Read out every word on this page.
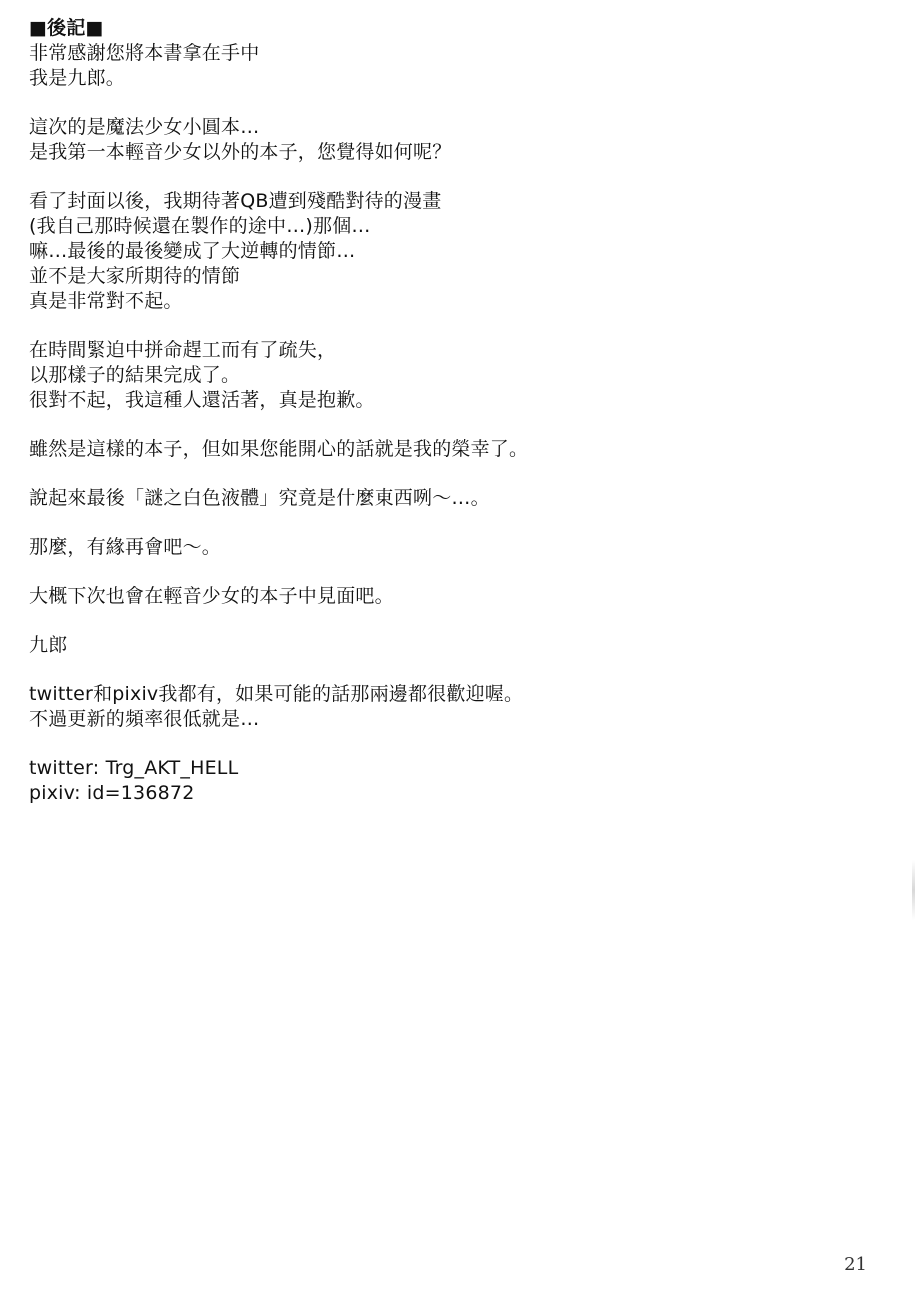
■後記■
非常感謝您將本書拿在手中
我是九郎。
這次的是魔法少女小圓本…
是我第一本輕音少女以外的本子，您覺得如何呢？
看了封面以後，我期待著QB遭到殘酷對待的漫畫
(我自己那時候還在製作的途中…)那個…
嘛…最後的最後變成了大逆轉的情節…
並不是大家所期待的情節
真是非常對不起。
在時間緊迫中拼命趕工而有了疏失，
以那樣子的結果完成了。
很對不起，我這種人還活著，真是抱歉。
雖然是這樣的本子，但如果您能開心的話就是我的榮幸了。
說起來最後「謎之白色液體」究竟是什麼東西咧～…。
那麼，有緣再會吧～。
大概下次也會在輕音少女的本子中見面吧。
九郎
twitter和pixiv我都有，如果可能的話那兩邊都很歡迎喔。
不過更新的頻率很低就是…
twitter: Trg_AKT_HELL
pixiv: id=136872
21
